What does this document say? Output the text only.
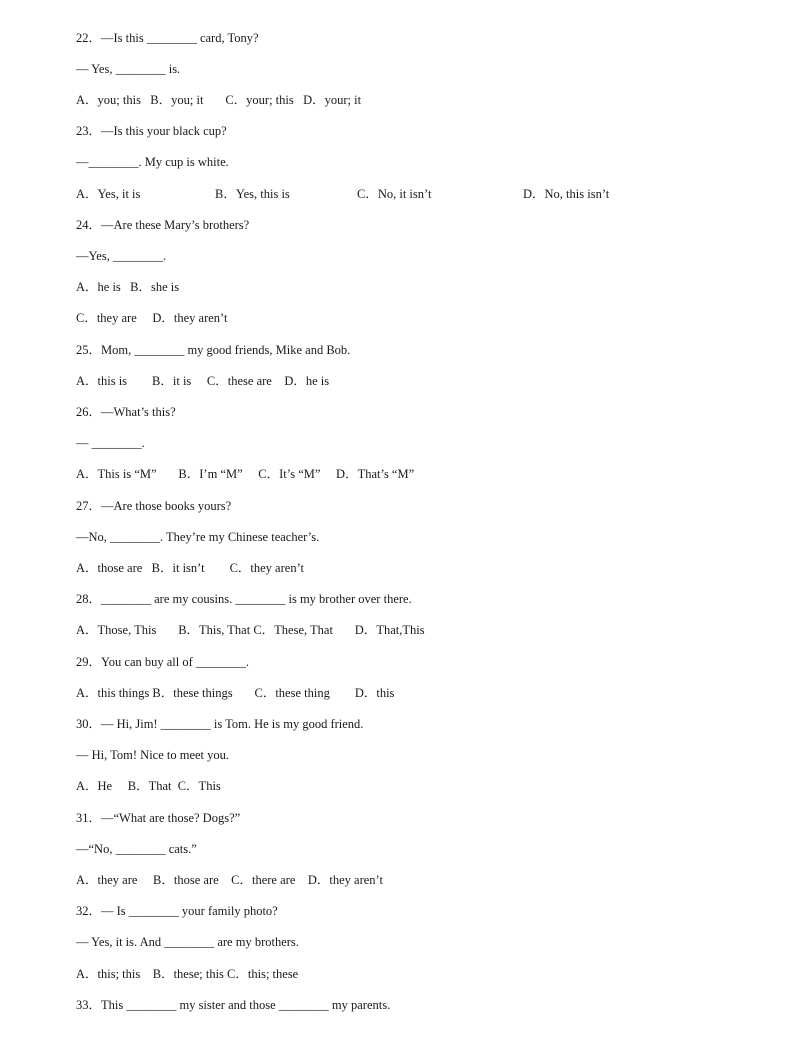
22．—Is this ________ card, Tony?
— Yes, ________ is.
A．you; this   B．you; it       C．your; this   D．your; it
23．—Is this your black cup?
—________. My cup is white.

A．Yes, it is

	B．Yes, this is

	C．No, it isn’t

	D．No, this isn’t

24．—Are these Mary’s brothers?
—Yes, ________.
A．he is   B．she is
C．they are     D．they aren’t
25．Mom, ________ my good friends, Mike and Bob.
A．this is        B．it is     C．these are    D．he is
26．—What’s this?
— ________.
A．This is “M”       B．I’m “M”     C．It’s “M”     D．That’s “M”
27．—Are those books yours?
—No, ________. They’re my Chinese teacher’s.
A．those are   B．it isn’t        C．they aren’t
28．________ are my cousins. ________ is my brother over there.
A．Those, This       B．This, That C．These, That       D．That,This
29．You can buy all of ________.
A．this things B．these things       C．these thing        D．this
30．— Hi, Jim! ________ is Tom. He is my good friend.
— Hi, Tom! Nice to meet you.
A．He     B．That  C．This
31．—“What are those? Dogs?”
—“No, ________ cats.”
A．they are     B．those are    C．there are    D．they aren’t
32．— Is ________ your family photo?
— Yes, it is. And ________ are my brothers.
A．this; this    B．these; this C．this; these
33．This ________ my sister and those ________ my parents.
